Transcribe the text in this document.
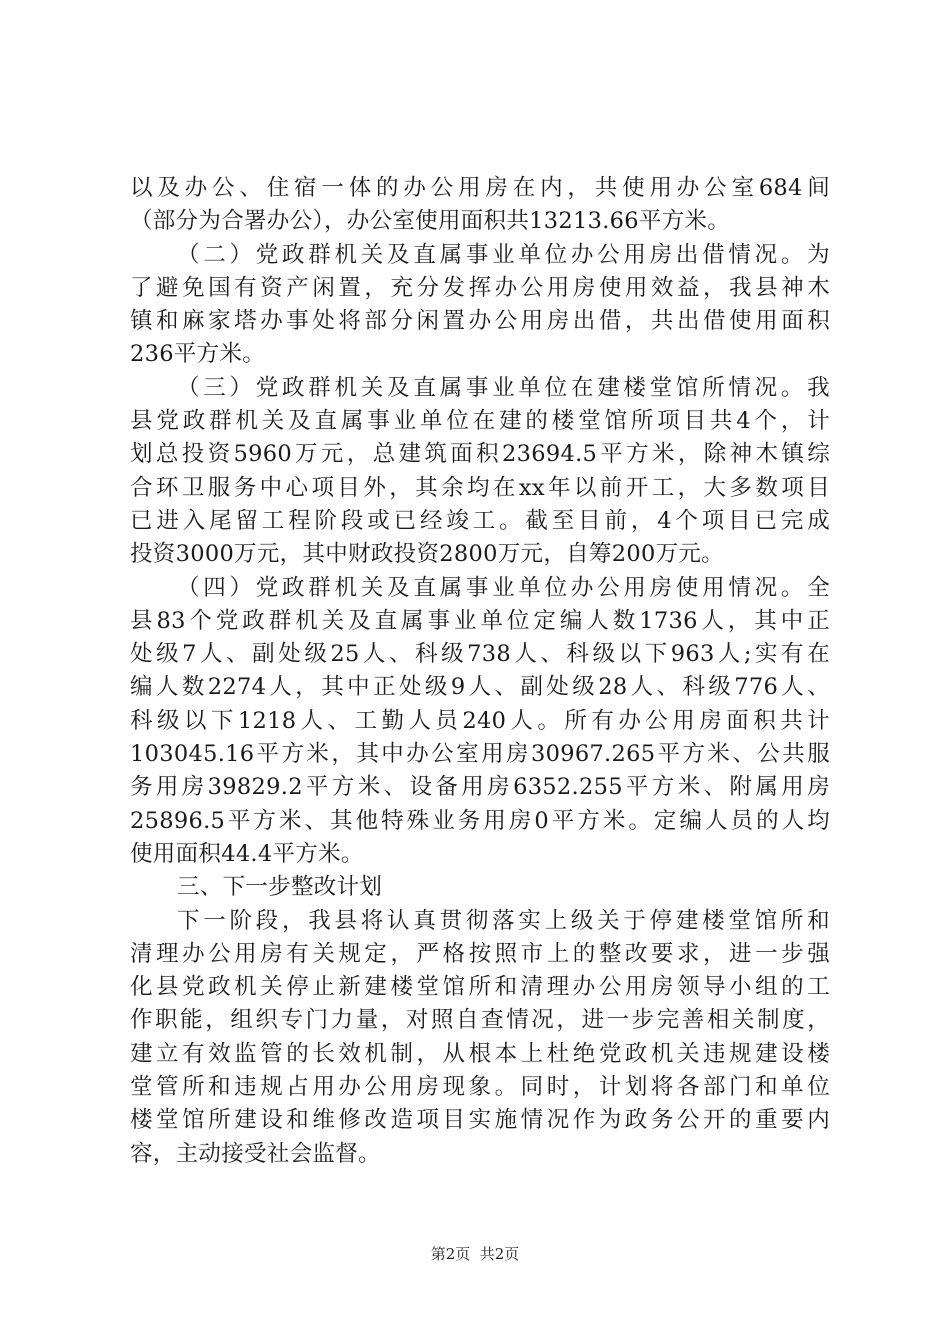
以及办公、住宿一体的办公用房在内，共使用办公室684间
（部分为合署办公），办公室使用面积共13213.66平方米。
（二）党政群机关及直属事业单位办公用房出借情况。为
了避免国有资产闲置，充分发挥办公用房使用效益，我县神木
镇和麻家塔办事处将部分闲置办公用房出借，共出借使用面积
236平方米。
（三）党政群机关及直属事业单位在建楼堂馆所情况。我
县党政群机关及直属事业单位在建的楼堂馆所项目共4个，计
划总投资5960万元，总建筑面积23694.5平方米，除神木镇综
合环卫服务中心项目外，其余均在xx年以前开工，大多数项目
已进入尾留工程阶段或已经竣工。截至目前，4个项目已完成
投资3000万元，其中财政投资2800万元，自筹200万元。
（四）党政群机关及直属事业单位办公用房使用情况。全
县83个党政群机关及直属事业单位定编人数1736人，其中正
处级7人、副处级25人、科级738人、科级以下963人;实有在
编人数2274人，其中正处级9人、副处级28人、科级776人、
科级以下1218人、工勤人员240人。所有办公用房面积共计
103045.16平方米，其中办公室用房30967.265平方米、公共服
务用房39829.2平方米、设备用房6352.255平方米、附属用房
25896.5平方米、其他特殊业务用房0平方米。定编人员的人均
使用面积44.4平方米。
三、下一步整改计划
下一阶段，我县将认真贯彻落实上级关于停建楼堂馆所和
清理办公用房有关规定，严格按照市上的整改要求，进一步强
化县党政机关停止新建楼堂馆所和清理办公用房领导小组的工
作职能，组织专门力量，对照自查情况，进一步完善相关制度，
建立有效监管的长效机制，从根本上杜绝党政机关违规建设楼
堂管所和违规占用办公用房现象。同时，计划将各部门和单位
楼堂馆所建设和维修改造项目实施情况作为政务公开的重要内
容，主动接受社会监督。
第2页  共2页
